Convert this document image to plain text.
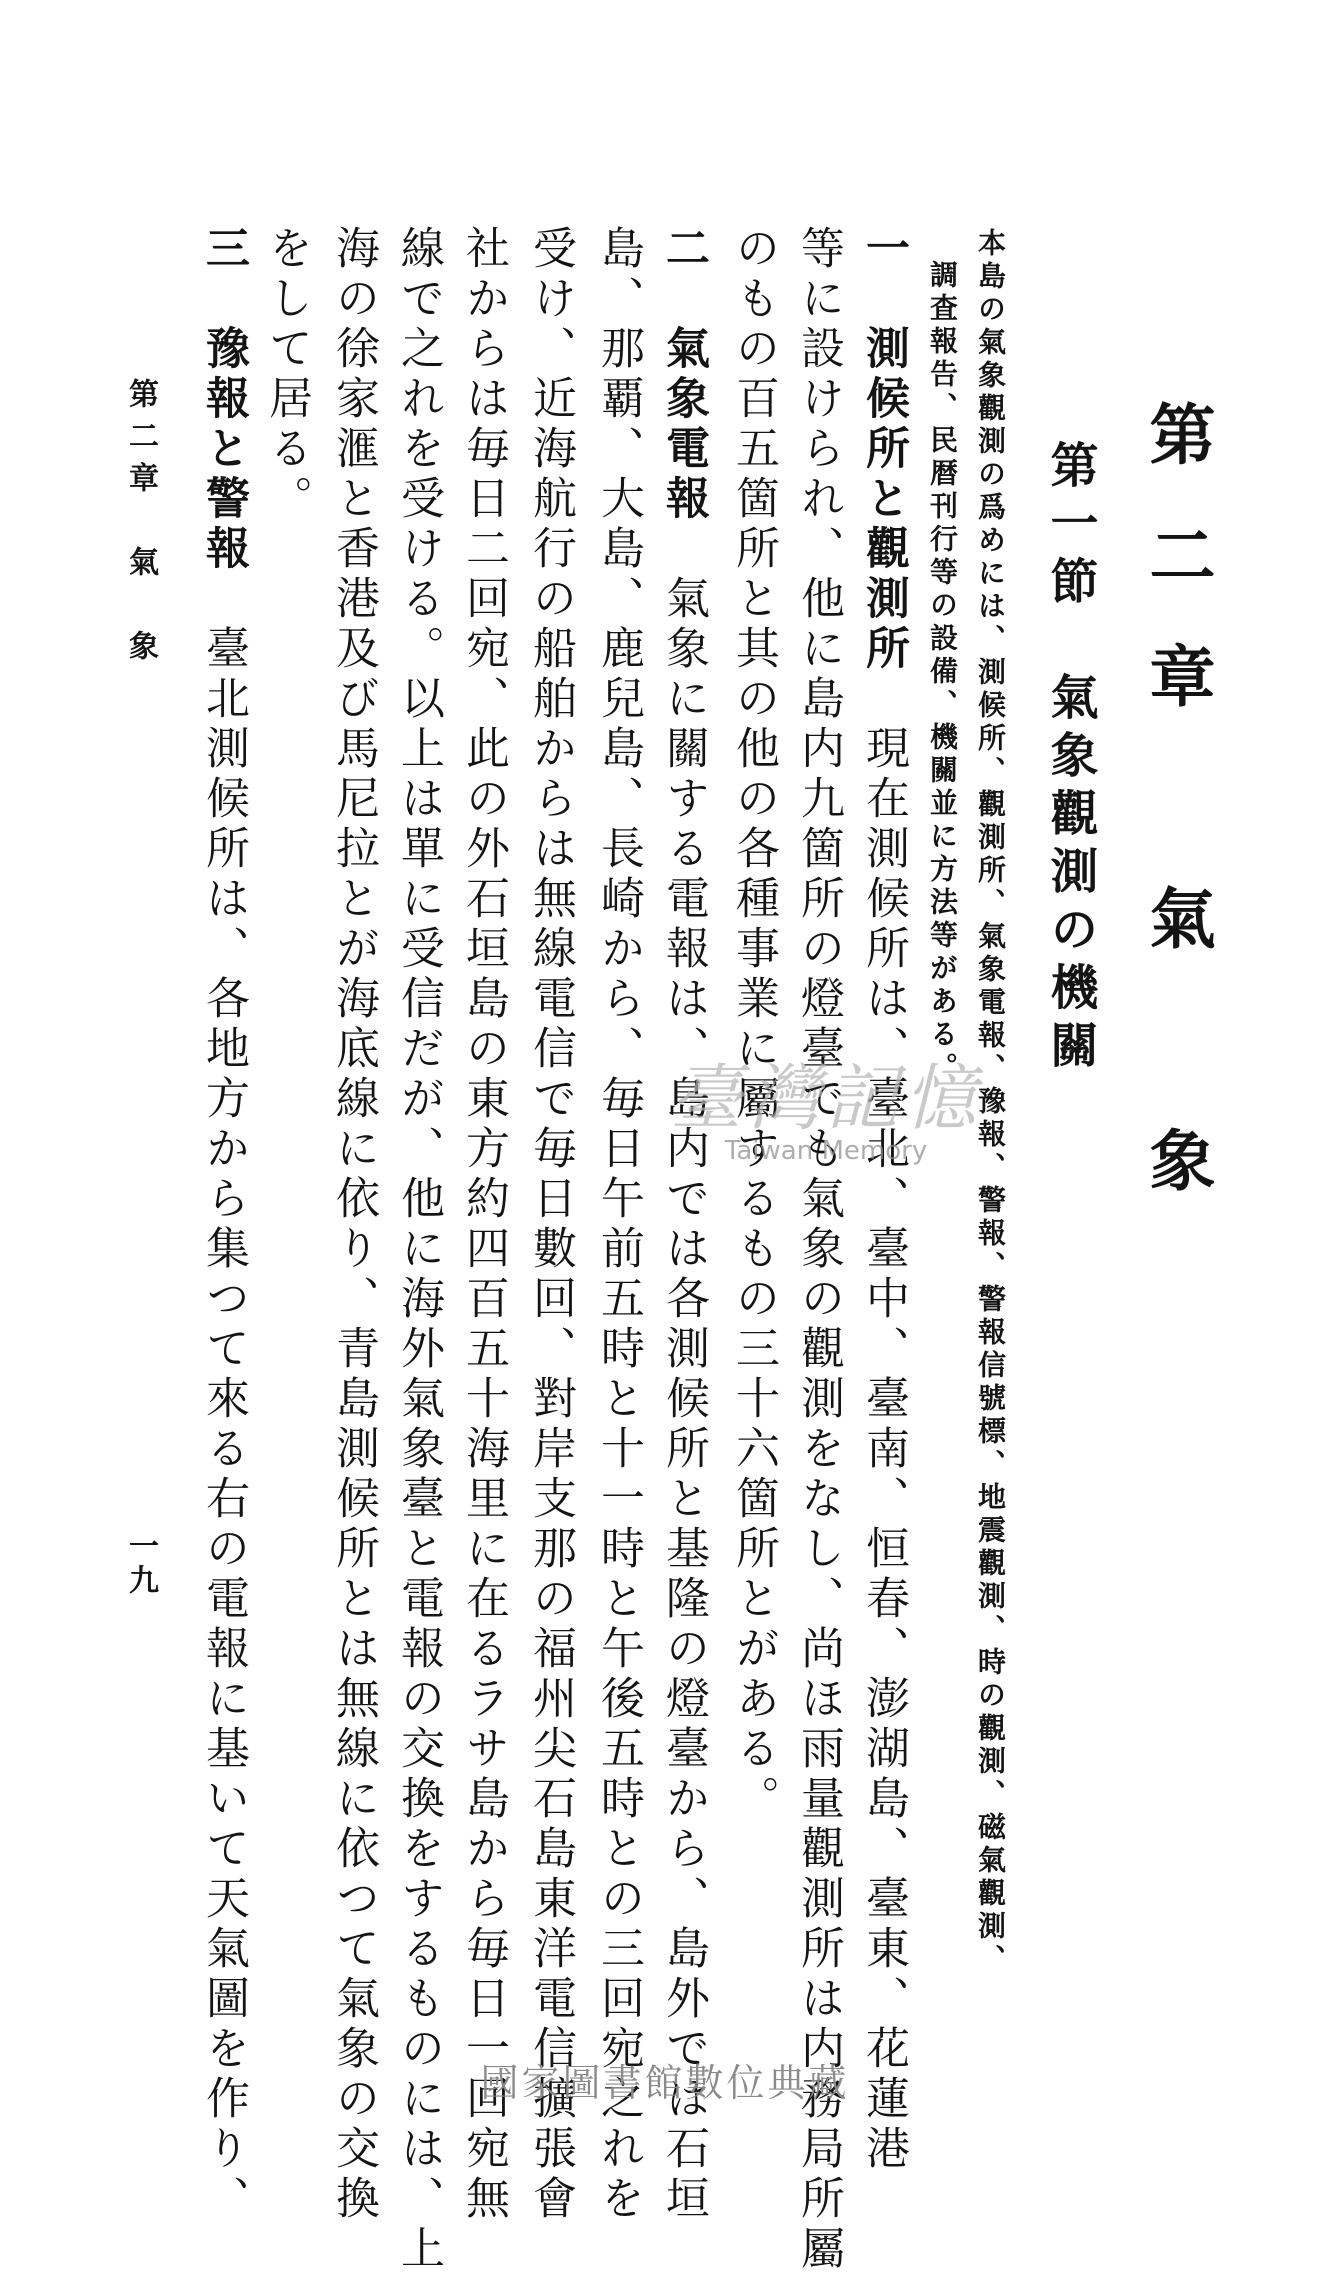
第二章　氣　象
第一節　氣象觀測の機關
本島の氣象觀測の爲めには、測候所、觀測所、氣象電報、豫報、警報、警報信號標、地震觀測、時の觀測、磁氣觀測、
調査報告、民暦刊行等の設備、機關並に方法等がある。
一　測候所と觀測所　現在測候所は、臺北、臺中、臺南、恒春、澎湖島、臺東、花蓮港
等に設けられ、他に島内九箇所の燈臺でも氣象の觀測をなし、尚ほ雨量觀測所は内務局所屬
のもの百五箇所と其の他の各種事業に屬するもの三十六箇所とがある。
二　氣象電報　氣象に關する電報は、島内では各測候所と基隆の燈臺から、島外では石垣
島、那覇、大島、鹿兒島、長崎から、毎日午前五時と十一時と午後五時との三回宛之れを
受け、近海航行の船舶からは無線電信で毎日數回、對岸支那の福州尖石島東洋電信擴張會
社からは毎日二回宛、此の外石垣島の東方約四百五十海里に在るラサ島から毎日一回宛無
線で之れを受ける。以上は單に受信だが、他に海外氣象臺と電報の交換をするものには、上
海の徐家滙と香港及び馬尼拉とが海底線に依り、青島測候所とは無線に依つて氣象の交換
をして居る。
三　豫報と警報　臺北測候所は、各地方から集つて來る右の電報に基いて天氣圖を作り、
第二章　氣　象
一九
臺灣記憶
Taiwan Memory
國家圖書館數位典藏
